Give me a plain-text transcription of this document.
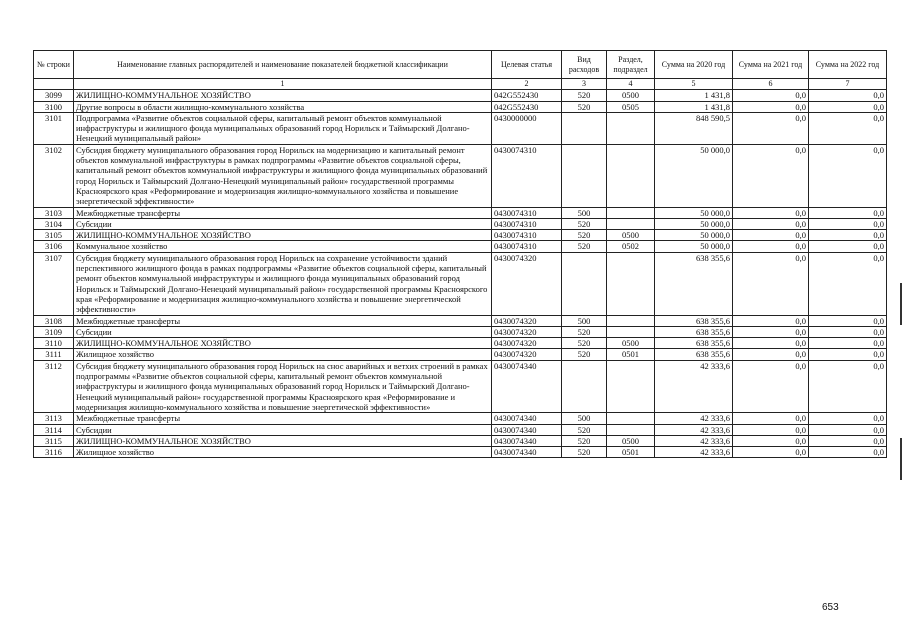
№ строки	Наименование главных распорядителей и наименование показателей бюджетной классификации	Целевая статья	Вид расходов	Раздел, подраздел	Сумма на 2020 год	Сумма на 2021 год	Сумма на 2022 год
	1	2	3	4	5	6	7
3099	ЖИЛИЩНО-КОММУНАЛЬНОЕ ХОЗЯЙСТВО	042G552430	520	0500	1 431,8	0,0	0,0
3100	Другие вопросы в области жилищно-коммунального хозяйства	042G552430	520	0505	1 431,8	0,0	0,0
3101	Подпрограмма «Развитие объектов социальной сферы, капитальный ремонт объектов коммунальной инфраструктуры и жилищного фонда муниципальных образований город Норильск и Таймырский Долгано-Ненецкий муниципальный район»	0430000000			848 590,5	0,0	0,0
3102	Субсидия бюджету муниципального образования город Норильск на модернизацию и капитальный ремонт объектов коммунальной инфраструктуры в рамках подпрограммы «Развитие объектов социальной сферы, капитальный ремонт объектов коммунальной инфраструктуры и жилищного фонда муниципальных образований город Норильск и Таймырский Долгано-Ненецкий муниципальный район» государственной программы Красноярского края «Реформирование и модернизация жилищно-коммунального хозяйства и повышение энергетической эффективности»	0430074310			50 000,0	0,0	0,0
3103	Межбюджетные трансферты	0430074310	500		50 000,0	0,0	0,0
3104	Субсидии	0430074310	520		50 000,0	0,0	0,0
3105	ЖИЛИЩНО-КОММУНАЛЬНОЕ ХОЗЯЙСТВО	0430074310	520	0500	50 000,0	0,0	0,0
3106	Коммунальное хозяйство	0430074310	520	0502	50 000,0	0,0	0,0
3107	Субсидия бюджету муниципального образования город Норильск на сохранение устойчивости зданий перспективного жилищного фонда в рамках подпрограммы «Развитие объектов социальной сферы, капитальный ремонт объектов коммунальной инфраструктуры и жилищного фонда муниципальных образований город Норильск и Таймырский Долгано-Ненецкий муниципальный район» государственной программы Красноярского края «Реформирование и модернизация жилищно-коммунального хозяйства и повышение энергетической эффективности»	0430074320			638 355,6	0,0	0,0
3108	Межбюджетные трансферты	0430074320	500		638 355,6	0,0	0,0
3109	Субсидии	0430074320	520		638 355,6	0,0	0,0
3110	ЖИЛИЩНО-КОММУНАЛЬНОЕ ХОЗЯЙСТВО	0430074320	520	0500	638 355,6	0,0	0,0
3111	Жилищное хозяйство	0430074320	520	0501	638 355,6	0,0	0,0
3112	Субсидия бюджету муниципального образования город Норильск на снос аварийных и ветхих строений в рамках подпрограммы «Развитие объектов социальной сферы, капитальный ремонт объектов коммунальной инфраструктуры и жилищного фонда муниципальных образований город Норильск и Таймырский Долгано-Ненецкий муниципальный район» государственной программы Красноярского края «Реформирование и модернизация жилищно-коммунального хозяйства и повышение энергетической эффективности»	0430074340			42 333,6	0,0	0,0
3113	Межбюджетные трансферты	0430074340	500		42 333,6	0,0	0,0
3114	Субсидии	0430074340	520		42 333,6	0,0	0,0
3115	ЖИЛИЩНО-КОММУНАЛЬНОЕ ХОЗЯЙСТВО	0430074340	520	0500	42 333,6	0,0	0,0
3116	Жилищное хозяйство	0430074340	520	0501	42 333,6	0,0	0,0
653
